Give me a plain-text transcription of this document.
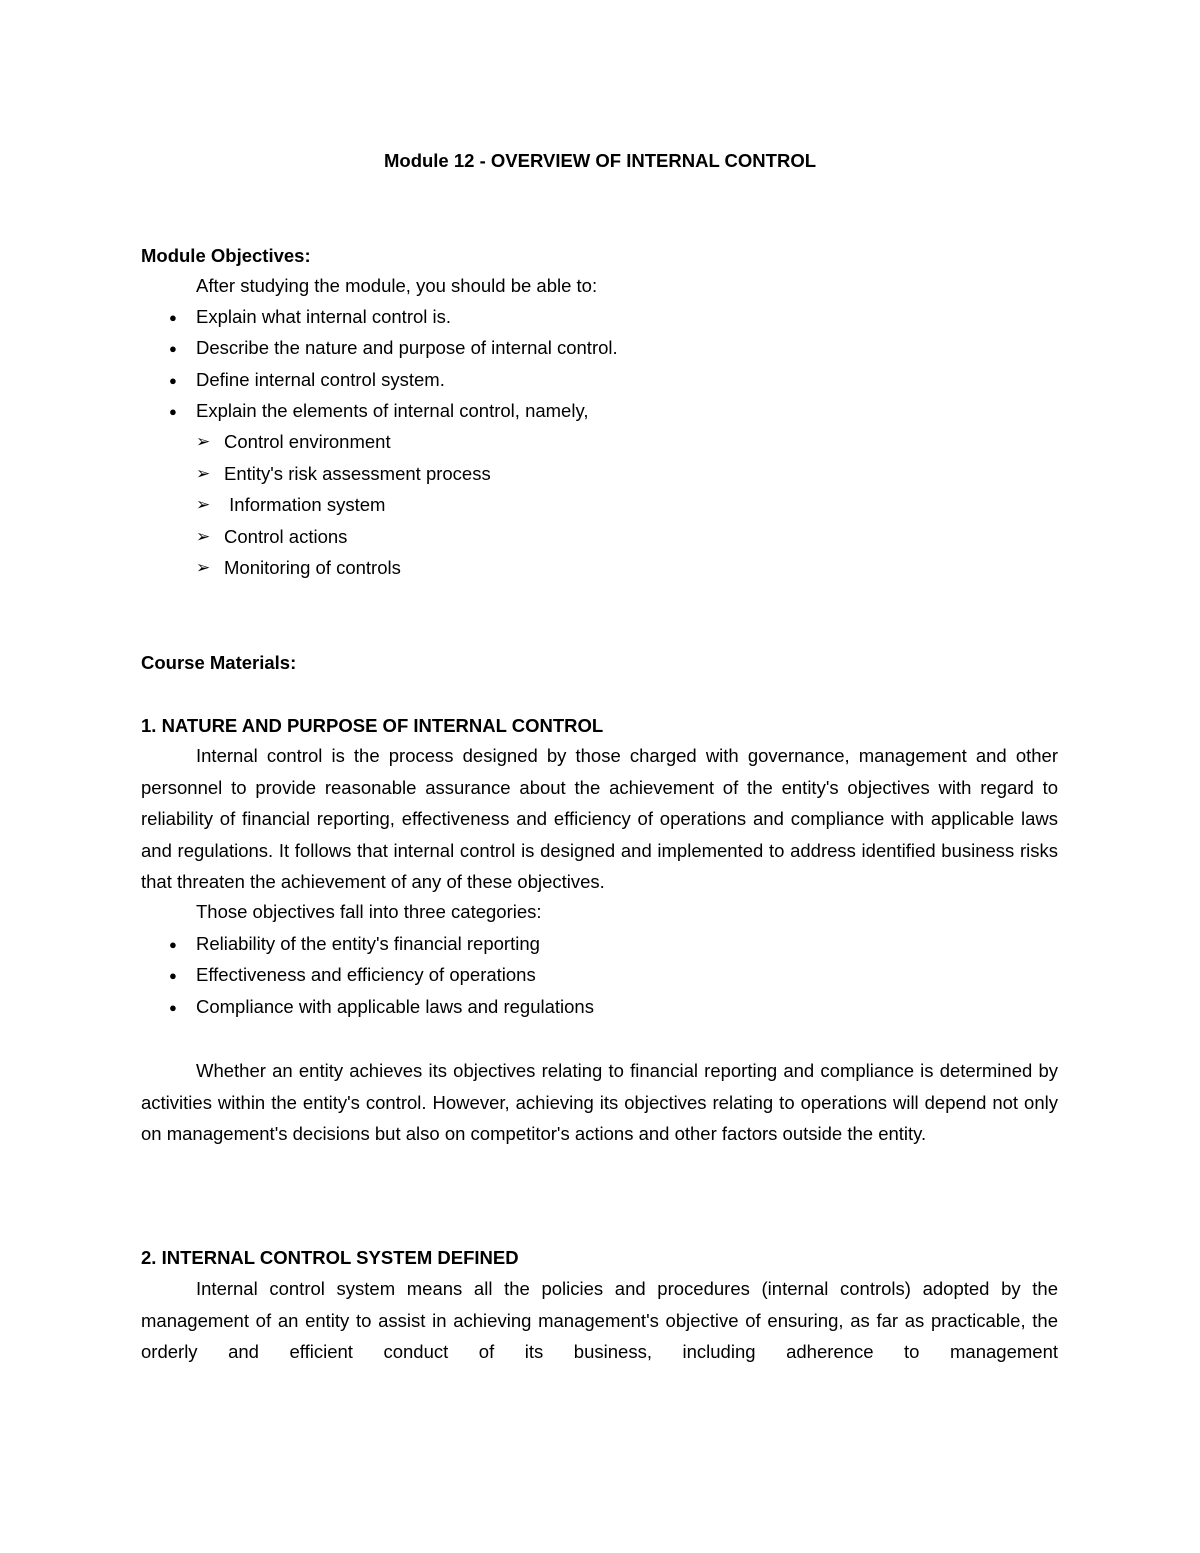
Module 12 - OVERVIEW OF INTERNAL CONTROL

Module Objectives:

After studying the module, you should be able to:

● Explain what internal control is.

● Describe the nature and purpose of internal control.

● Define internal control system.

● Explain the elements of internal control, namely,

➢ Control environment

➢ Entity's risk assessment process

➢ Information system

➢ Control actions

➢ Monitoring of controls

Course Materials:

1. NATURE AND PURPOSE OF INTERNAL CONTROL

Internal control is the process designed by those charged with governance, management and other personnel to provide reasonable assurance about the achievement of the entity's objectives with regard to reliability of financial reporting, effectiveness and efficiency of operations and compliance with applicable laws and regulations. It follows that internal control is designed and implemented to address identified business risks that threaten the achievement of any of these objectives.

Those objectives fall into three categories:

● Reliability of the entity's financial reporting

● Effectiveness and efficiency of operations

● Compliance with applicable laws and regulations

Whether an entity achieves its objectives relating to financial reporting and compliance is determined by activities within the entity's control. However, achieving its objectives relating to operations will depend not only on management's decisions but also on competitor's actions and other factors outside the entity.

2. INTERNAL CONTROL SYSTEM DEFINED

Internal control system means all the policies and procedures (internal controls) adopted by the management of an entity to assist in achieving management's objective of ensuring, as far as practicable, the orderly and efficient conduct of its business, including adherence to management
